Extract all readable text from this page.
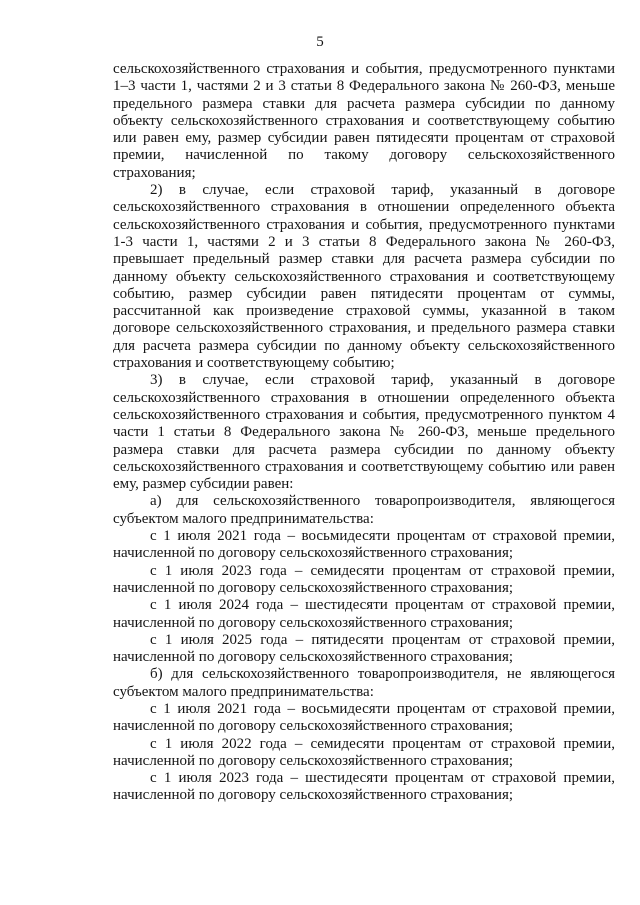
5

сельскохозяйственного страхования и события, предусмотренного пунктами 1–3 части 1, частями 2 и 3 статьи 8 Федерального закона № 260-ФЗ, меньше предельного размера ставки для расчета размера субсидии по данному объекту сельскохозяйственного страхования и соответствующему событию или равен ему, размер субсидии равен пятидесяти процентам от страховой премии, начисленной по такому договору сельскохозяйственного страхования;

2) в случае, если страховой тариф, указанный в договоре сельскохозяйственного страхования в отношении определенного объекта сельскохозяйственного страхования и события, предусмотренного пунктами 1-3 части 1, частями 2 и 3 статьи 8 Федерального закона № 260-ФЗ, превышает предельный размер ставки для расчета размера субсидии по данному объекту сельскохозяйственного страхования и соответствующему событию, размер субсидии равен пятидесяти процентам от суммы, рассчитанной как произведение страховой суммы, указанной в таком договоре сельскохозяйственного страхования, и предельного размера ставки для расчета размера субсидии по данному объекту сельскохозяйственного страхования и соответствующему событию;

3) в случае, если страховой тариф, указанный в договоре сельскохозяйственного страхования в отношении определенного объекта сельскохозяйственного страхования и события, предусмотренного пунктом 4 части 1 статьи 8 Федерального закона № 260-ФЗ, меньше предельного размера ставки для расчета размера субсидии по данному объекту сельскохозяйственного страхования и соответствующему событию или равен ему, размер субсидии равен:

а) для сельскохозяйственного товаропроизводителя, являющегося субъектом малого предпринимательства:

с 1 июля 2021 года – восьмидесяти процентам от страховой премии, начисленной по договору сельскохозяйственного страхования;

с 1 июля 2023 года – семидесяти процентам от страховой премии, начисленной по договору сельскохозяйственного страхования;

с 1 июля 2024 года – шестидесяти процентам от страховой премии, начисленной по договору сельскохозяйственного страхования;

с 1 июля 2025 года – пятидесяти процентам от страховой премии, начисленной по договору сельскохозяйственного страхования;

б) для сельскохозяйственного товаропроизводителя, не являющегося субъектом малого предпринимательства:

с 1 июля 2021 года – восьмидесяти процентам от страховой премии, начисленной по договору сельскохозяйственного страхования;

с 1 июля 2022 года – семидесяти процентам от страховой премии, начисленной по договору сельскохозяйственного страхования;

с 1 июля 2023 года – шестидесяти процентам от страховой премии, начисленной по договору сельскохозяйственного страхования;
